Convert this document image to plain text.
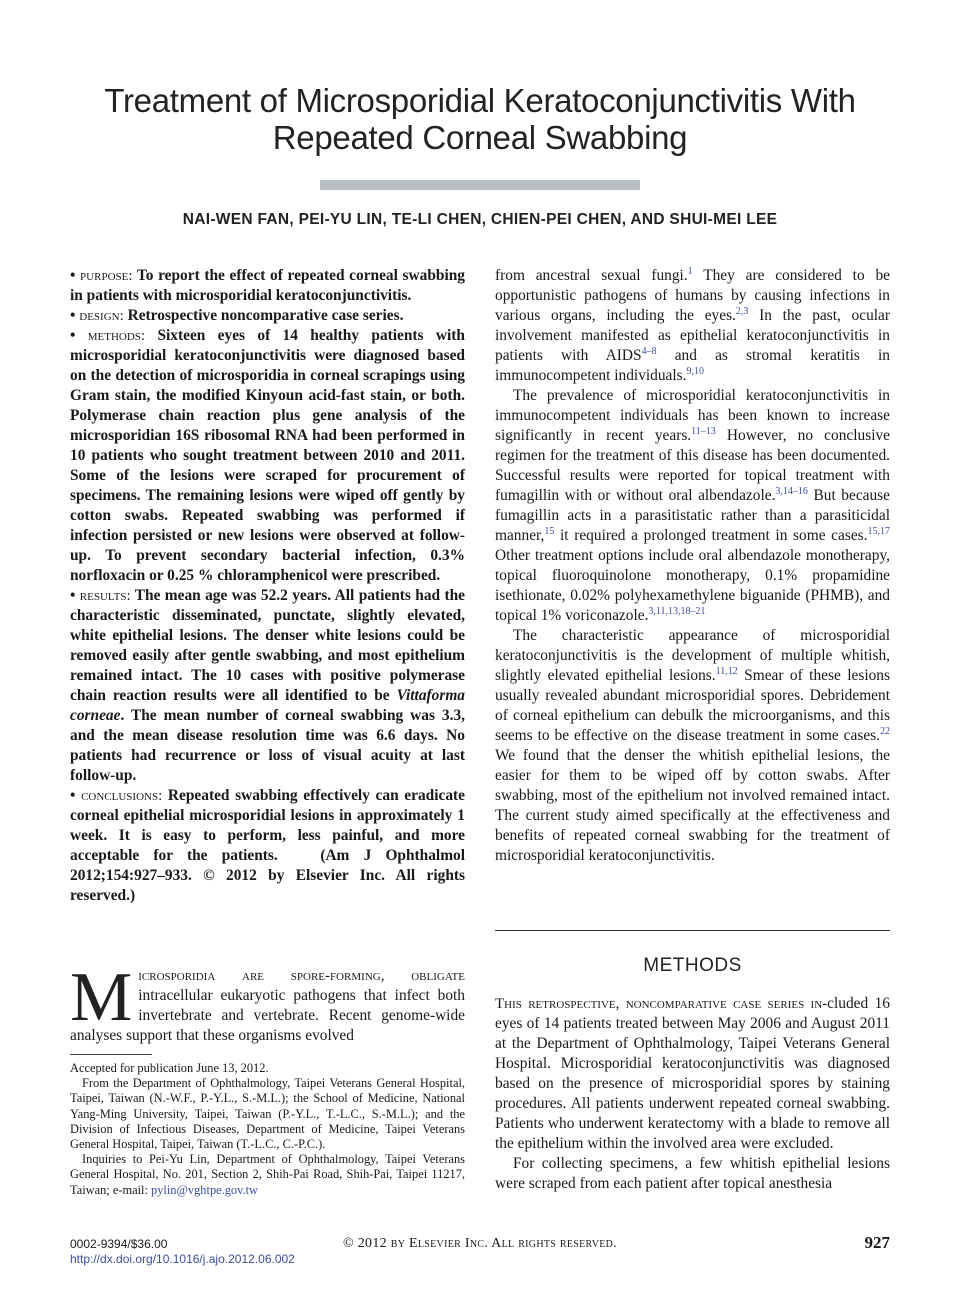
Treatment of Microsporidial Keratoconjunctivitis With Repeated Corneal Swabbing
NAI-WEN FAN, PEI-YU LIN, TE-LI CHEN, CHIEN-PEI CHEN, AND SHUI-MEI LEE

• purpose: To report the effect of repeated corneal swabbing in patients with microsporidial keratoconjunctivitis.

• design: Retrospective noncomparative case series.

• methods: Sixteen eyes of 14 healthy patients with microsporidial keratoconjunctivitis were diagnosed based on the detection of microsporidia in corneal scrapings using Gram stain, the modified Kinyoun acid-fast stain, or both. Polymerase chain reaction plus gene analysis of the microsporidian 16S ribosomal RNA had been performed in 10 patients who sought treatment between 2010 and 2011. Some of the lesions were scraped for procurement of specimens. The remaining lesions were wiped off gently by cotton swabs. Repeated swabbing was performed if infection persisted or new lesions were observed at follow-up. To prevent secondary bacterial infection, 0.3% norfloxacin or 0.25 % chloramphenicol were prescribed.

• results: The mean age was 52.2 years. All patients had the characteristic disseminated, punctate, slightly elevated, white epithelial lesions. The denser white lesions could be removed easily after gentle swabbing, and most epithelium remained intact. The 10 cases with positive polymerase chain reaction results were all identified to be Vittaforma corneae. The mean number of corneal swabbing was 3.3, and the mean disease resolution time was 6.6 days. No patients had recurrence or loss of visual acuity at last follow-up.

• conclusions: Repeated swabbing effectively can eradicate corneal epithelial microsporidial lesions in approximately 1 week. It is easy to perform, less painful, and more acceptable for the patients.	(Am J Ophthalmol 2012;154:927–933. © 2012 by Elsevier Inc. All rights reserved.)

Microsporidia are spore-forming, obligate intracellular eukaryotic pathogens that infect both invertebrate and vertebrate. Recent genome-wide analyses support that these organisms evolved

Accepted for publication June 13, 2012.

From the Department of Ophthalmology, Taipei Veterans General Hospital, Taipei, Taiwan (N.-W.F., P.-Y.L., S.-M.L.); the School of Medicine, National Yang-Ming University, Taipei, Taiwan (P.-Y.L., T.-L.C., S.-M.L.); and the Division of Infectious Diseases, Department of Medicine, Taipei Veterans General Hospital, Taipei, Taiwan (T.-L.C., C.-P.C.).

Inquiries to Pei-Yu Lin, Department of Ophthalmology, Taipei Veterans General Hospital, No. 201, Section 2, Shih-Pai Road, Shih-Pai, Taipei 11217, Taiwan; e-mail: pylin@vghtpe.gov.tw

from ancestral sexual fungi.$^1$ They are considered to be opportunistic pathogens of humans by causing infections in various organs, including the eyes.$^{2,3}$ In the past, ocular involvement manifested as epithelial keratoconjunctivitis in patients with AIDS$^{4-8}$ and as stromal keratitis in immunocompetent individuals.$^{9,10}$

The prevalence of microsporidial keratoconjunctivitis in immunocompetent individuals has been known to increase significantly in recent years.$^{11-13}$ However, no conclusive regimen for the treatment of this disease has been documented. Successful results were reported for topical treatment with fumagillin with or without oral albendazole.$^{3,14-16}$ But because fumagillin acts in a parasitistatic rather than a parasiticidal manner,$^{15}$ it required a prolonged treatment in some cases.$^{15,17}$ Other treatment options include oral albendazole monotherapy, topical fluoroquinolone monotherapy, 0.1% propamidine isethionate, 0.02% polyhexamethylene biguanide (PHMB), and topical 1% voriconazole.$^{3,11,13,18-21}$

The characteristic appearance of microsporidial keratoconjunctivitis is the development of multiple whitish, slightly elevated epithelial lesions.$^{11,12}$ Smear of these lesions usually revealed abundant microsporidial spores. Debridement of corneal epithelium can debulk the microorganisms, and this seems to be effective on the disease treatment in some cases.$^{22}$ We found that the denser the whitish epithelial lesions, the easier for them to be wiped off by cotton swabs. After swabbing, most of the epithelium not involved remained intact. The current study aimed specifically at the effectiveness and benefits of repeated corneal swabbing for the treatment of microsporidial keratoconjunctivitis.

METHODS

This retrospective, noncomparative case series in-cluded 16 eyes of 14 patients treated between May 2006 and August 2011 at the Department of Ophthalmology, Taipei Veterans General Hospital. Microsporidial keratoconjunctivitis was diagnosed based on the presence of microsporidial spores by staining procedures. All patients underwent repeated corneal swabbing. Patients who underwent keratectomy with a blade to remove all the epithelium within the involved area were excluded.

For collecting specimens, a few whitish epithelial lesions were scraped from each patient after topical anesthesia

0002-9394/$36.00
http://dx.doi.org/10.1016/j.ajo.2012.06.002
© 2012 by Elsevier Inc. All rights reserved.	927
